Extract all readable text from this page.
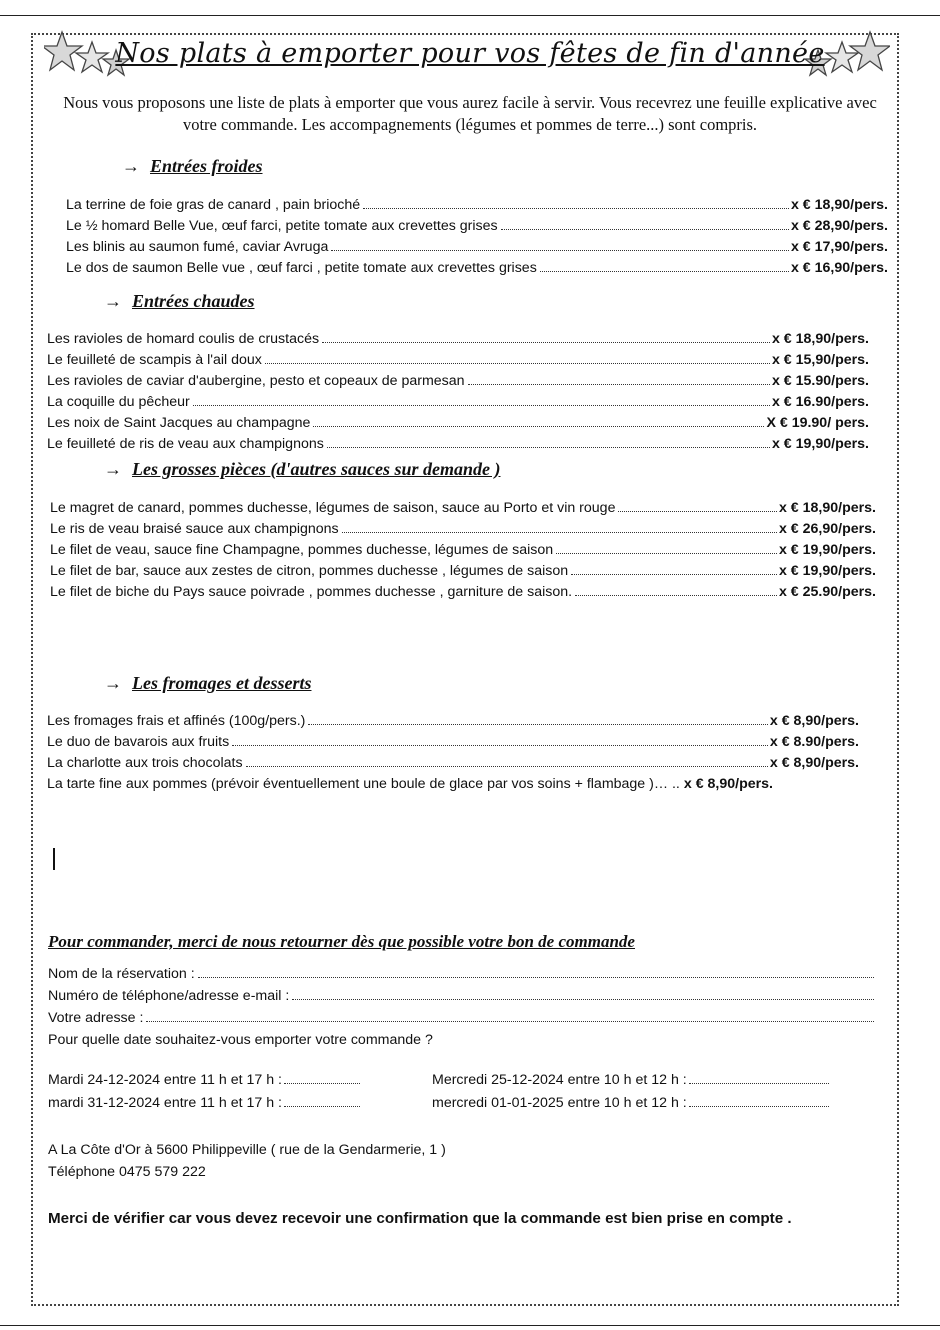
Nos plats à emporter pour vos fêtes de fin d'année
Nous vous proposons une liste de plats à emporter que vous aurez facile à servir. Vous recevrez une feuille explicative avec votre commande. Les accompagnements (légumes et pommes de terre...) sont compris.
→ Entrées froides
La terrine de foie gras de canard , pain brioché	x € 18,90/pers.
Le ½ homard Belle Vue, œuf farci, petite tomate aux crevettes grises	x € 28,90/pers.
Les blinis au saumon fumé, caviar Avruga	x € 17,90/pers.
Le dos de saumon Belle vue , œuf farci , petite tomate aux crevettes grises	x € 16,90/pers.
→ Entrées chaudes
Les ravioles de homard coulis de crustacés	x € 18,90/pers.
Le feuilleté de scampis à l'ail doux	x € 15,90/pers.
Les ravioles de caviar d'aubergine, pesto et copeaux de parmesan	x € 15.90/pers.
La coquille du pêcheur	x € 16.90/pers.
Les noix de Saint Jacques au champagne	X € 19.90/ pers.
Le feuilleté de ris de veau aux champignons	x € 19,90/pers.
→ Les grosses pièces (d'autres sauces sur demande )
Le magret de canard, pommes duchesse, légumes de saison, sauce au Porto et vin rouge	x € 18,90/pers.
Le ris de veau braisé sauce aux champignons	x € 26,90/pers.
Le filet de veau, sauce fine Champagne, pommes duchesse, légumes de saison	x € 19,90/pers.
Le filet de bar, sauce aux zestes de citron, pommes duchesse , légumes de saison	x € 19,90/pers.
Le filet de biche du Pays sauce poivrade , pommes duchesse , garniture de saison.	x € 25.90/pers.
→ Les fromages et desserts
Les fromages frais et affinés (100g/pers.)	x € 8,90/pers.
Le duo de bavarois aux fruits	x € 8.90/pers.
La charlotte aux trois chocolats	x € 8,90/pers.
La tarte fine aux pommes (prévoir éventuellement une boule de glace par vos soins + flambage )… .. x € 8,90/pers.
Pour commander, merci de nous retourner dès que possible votre bon de commande
Nom de la réservation :
Numéro de téléphone/adresse e-mail :
Votre adresse :
Pour quelle date souhaitez-vous emporter votre commande ?
Mardi 24-12-2024 entre 11 h et 17 h :	Mercredi 25-12-2024 entre 10 h et 12 h :
mardi 31-12-2024 entre 11 h et 17 h :	mercredi 01-01-2025 entre 10 h et 12 h :
A La Côte d'Or à 5600 Philippeville ( rue de la Gendarmerie, 1 )
Téléphone 0475 579 222
Merci de vérifier car vous devez recevoir une confirmation que la commande est bien prise en compte .
